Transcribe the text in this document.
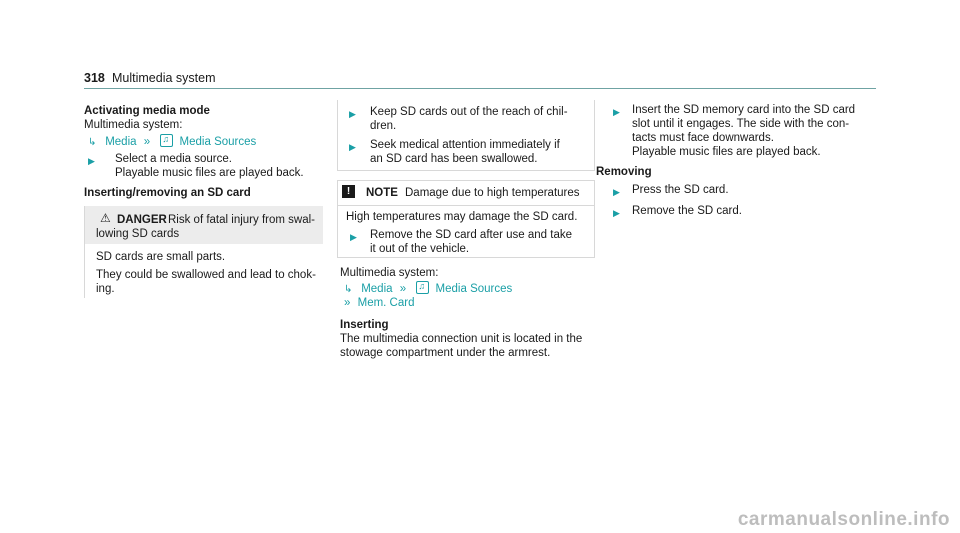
318 Multimedia system
Activating media mode
Multimedia system:
↳ Media » ♫	Media Sources
▶ Select a media source.
Playable music files are played back.
Inserting/removing an SD card
⚠ DANGER Risk of fatal injury from swal-
lowing SD cards
SD cards are small parts.
They could be swallowed and lead to chok-
ing.
▶ Keep SD cards out of the reach of chil-
dren.
▶ Seek medical attention immediately if
an SD card has been swallowed.
!	NOTE Damage due to high temperatures
High temperatures may damage the SD card.
▶ Remove the SD card after use and take
it out of the vehicle.
Multimedia system:
↳ Media » ♫	Media Sources
» Mem. Card
Inserting
The multimedia connection unit is located in the
stowage compartment under the armrest.
▶ Insert the SD memory card into the SD card
slot until it engages. The side with the con-
tacts must face downwards.
Playable music files are played back.
Removing
▶ Press the SD card.
▶ Remove the SD card.
carmanualsonline.info
